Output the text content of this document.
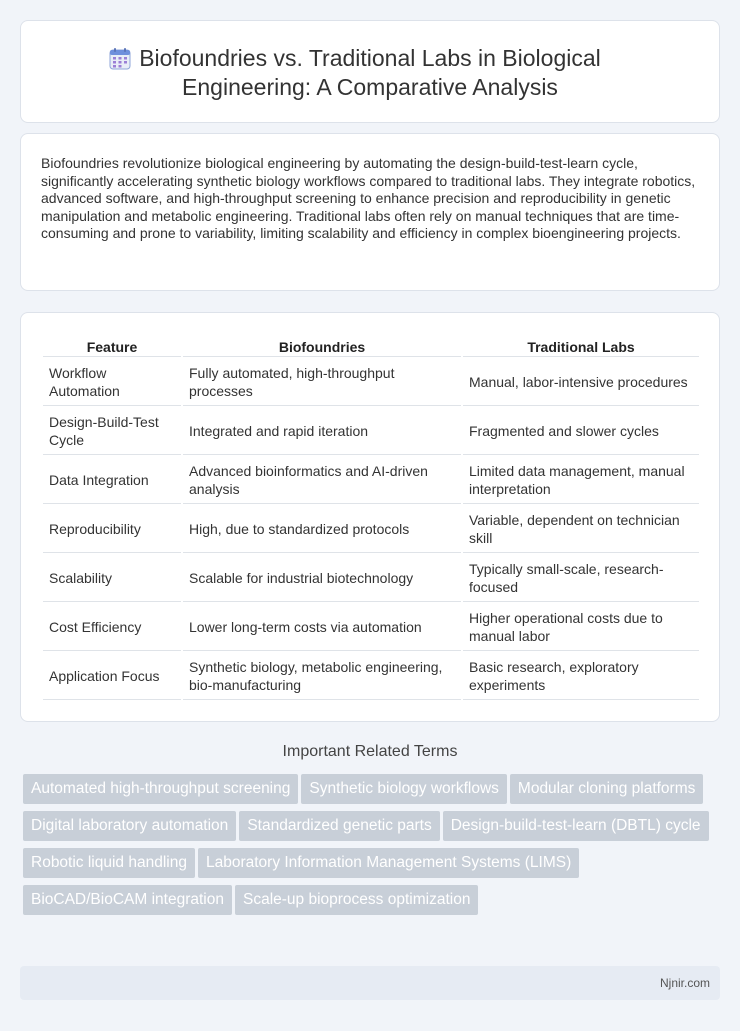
Biofoundries vs. Traditional Labs in Biological
Engineering: A Comparative Analysis

Biofoundries revolutionize biological engineering by automating the design-build-test-learn cycle, significantly accelerating synthetic biology workflows compared to traditional labs. They integrate robotics, advanced software, and high-throughput screening to enhance precision and reproducibility in genetic manipulation and metabolic engineering. Traditional labs often rely on manual techniques that are time-consuming and prone to variability, limiting scalability and efficiency in complex bioengineering projects.

Feature	Biofoundries	Traditional Labs
Workflow Automation	Fully automated, high-throughput processes	Manual, labor-intensive procedures
Design-Build-Test Cycle	Integrated and rapid iteration	Fragmented and slower cycles
Data Integration	Advanced bioinformatics and AI-driven analysis	Limited data management, manual interpretation
Reproducibility	High, due to standardized protocols	Variable, dependent on technician skill
Scalability	Scalable for industrial biotechnology	Typically small-scale, research-focused
Cost Efficiency	Lower long-term costs via automation	Higher operational costs due to manual labor
Application Focus	Synthetic biology, metabolic engineering, bio-manufacturing	Basic research, exploratory experiments
Important Related Terms
Automated high-throughput screening	Synthetic biology workflows	Modular cloning platforms
Digital laboratory automation	Standardized genetic parts	Design-build-test-learn (DBTL) cycle
Robotic liquid handling	Laboratory Information Management Systems (LIMS)
BioCAD/BioCAM integration	Scale-up bioprocess optimization
Njnir.com
